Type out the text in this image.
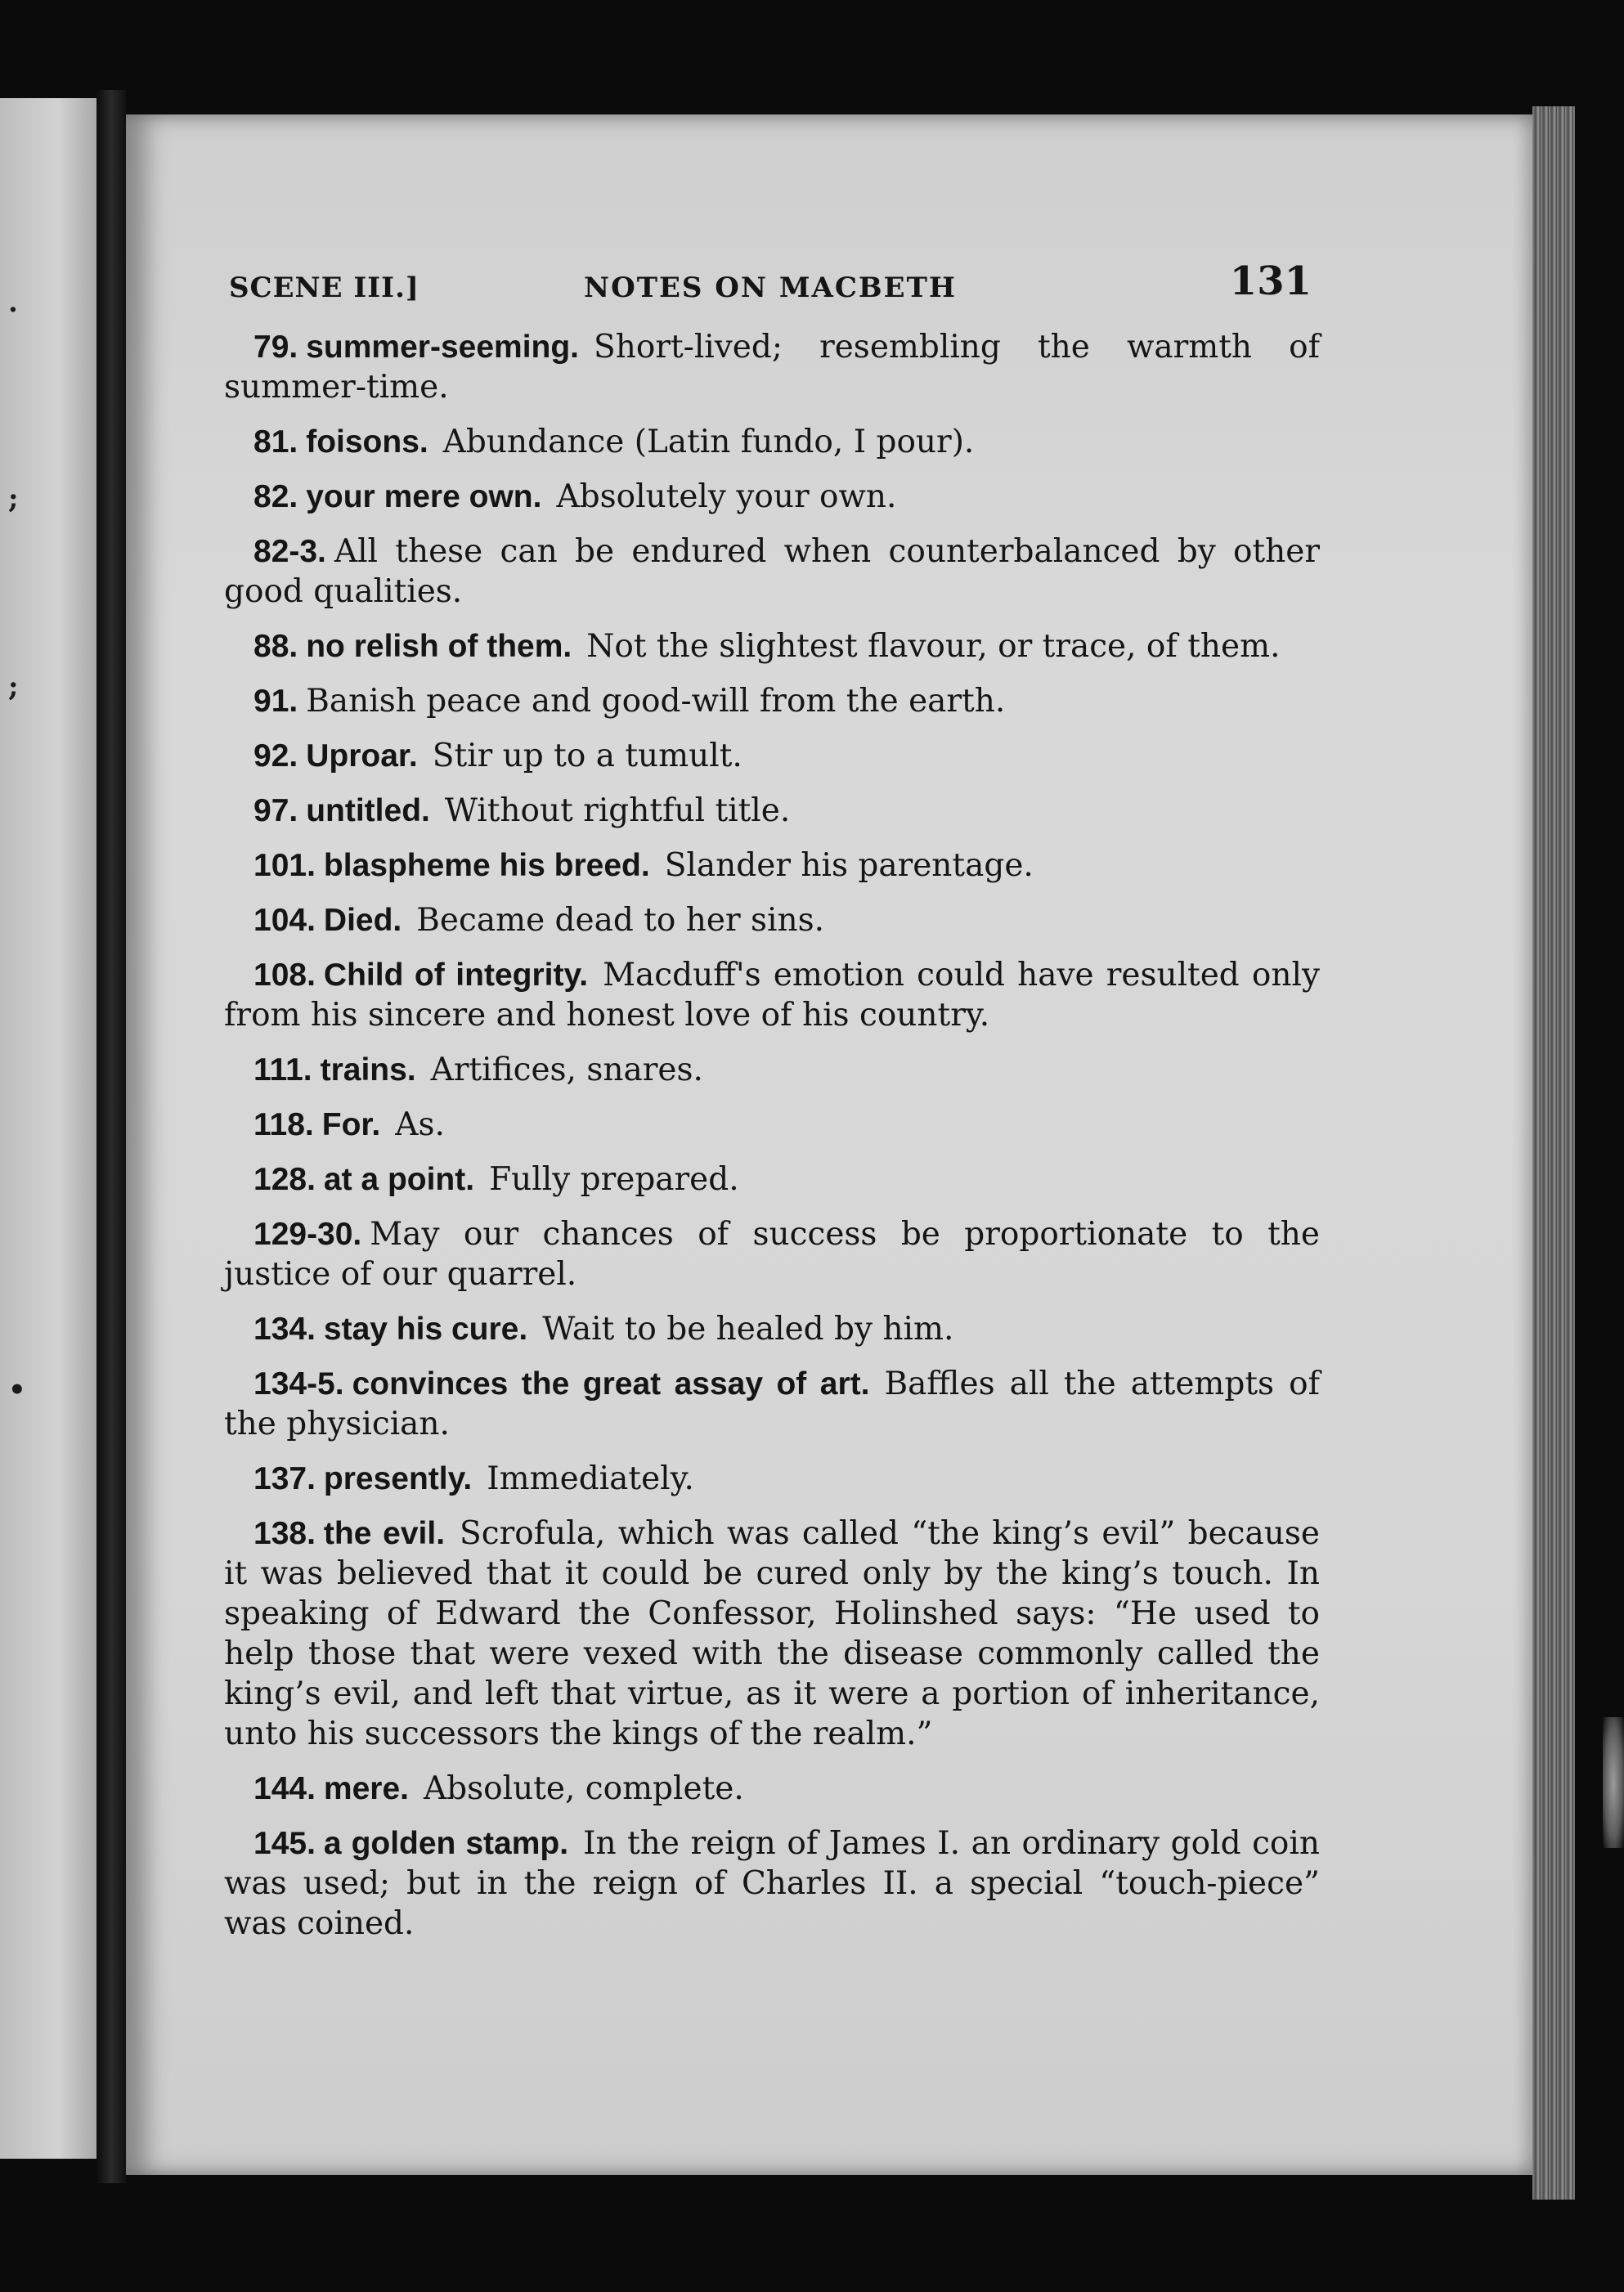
.
;
;
•
SCENE III.]	NOTES ON MACBETH	131

79. summer-seeming. Short-lived; resembling the warmth of summer-time.

81. foisons. Abundance (Latin fundo, I pour).

82. your mere own. Absolutely your own.

82-3. All these can be endured when counterbalanced by other good qualities.

88. no relish of them. Not the slightest flavour, or trace, of them.

91. Banish peace and good-will from the earth.

92. Uproar. Stir up to a tumult.

97. untitled. Without rightful title.

101. blaspheme his breed. Slander his parentage.

104. Died. Became dead to her sins.

108. Child of integrity. Macduff's emotion could have resulted only from his sincere and honest love of his country.

111. trains. Artifices, snares.

118. For. As.

128. at a point. Fully prepared.

129-30. May our chances of success be proportionate to the justice of our quarrel.

134. stay his cure. Wait to be healed by him.

134-5. convinces the great assay of art. Baffles all the attempts of the physician.

137. presently. Immediately.

138. the evil. Scrofula, which was called “the king’s evil” because it was believed that it could be cured only by the king’s touch. In speaking of Edward the Confessor, Holinshed says: “He used to help those that were vexed with the disease commonly called the king’s evil, and left that virtue, as it were a portion of inheritance, unto his successors the kings of the realm.”

144. mere. Absolute, complete.

145. a golden stamp. In the reign of James I. an ordinary gold coin was used; but in the reign of Charles II. a special “touch-piece” was coined.
